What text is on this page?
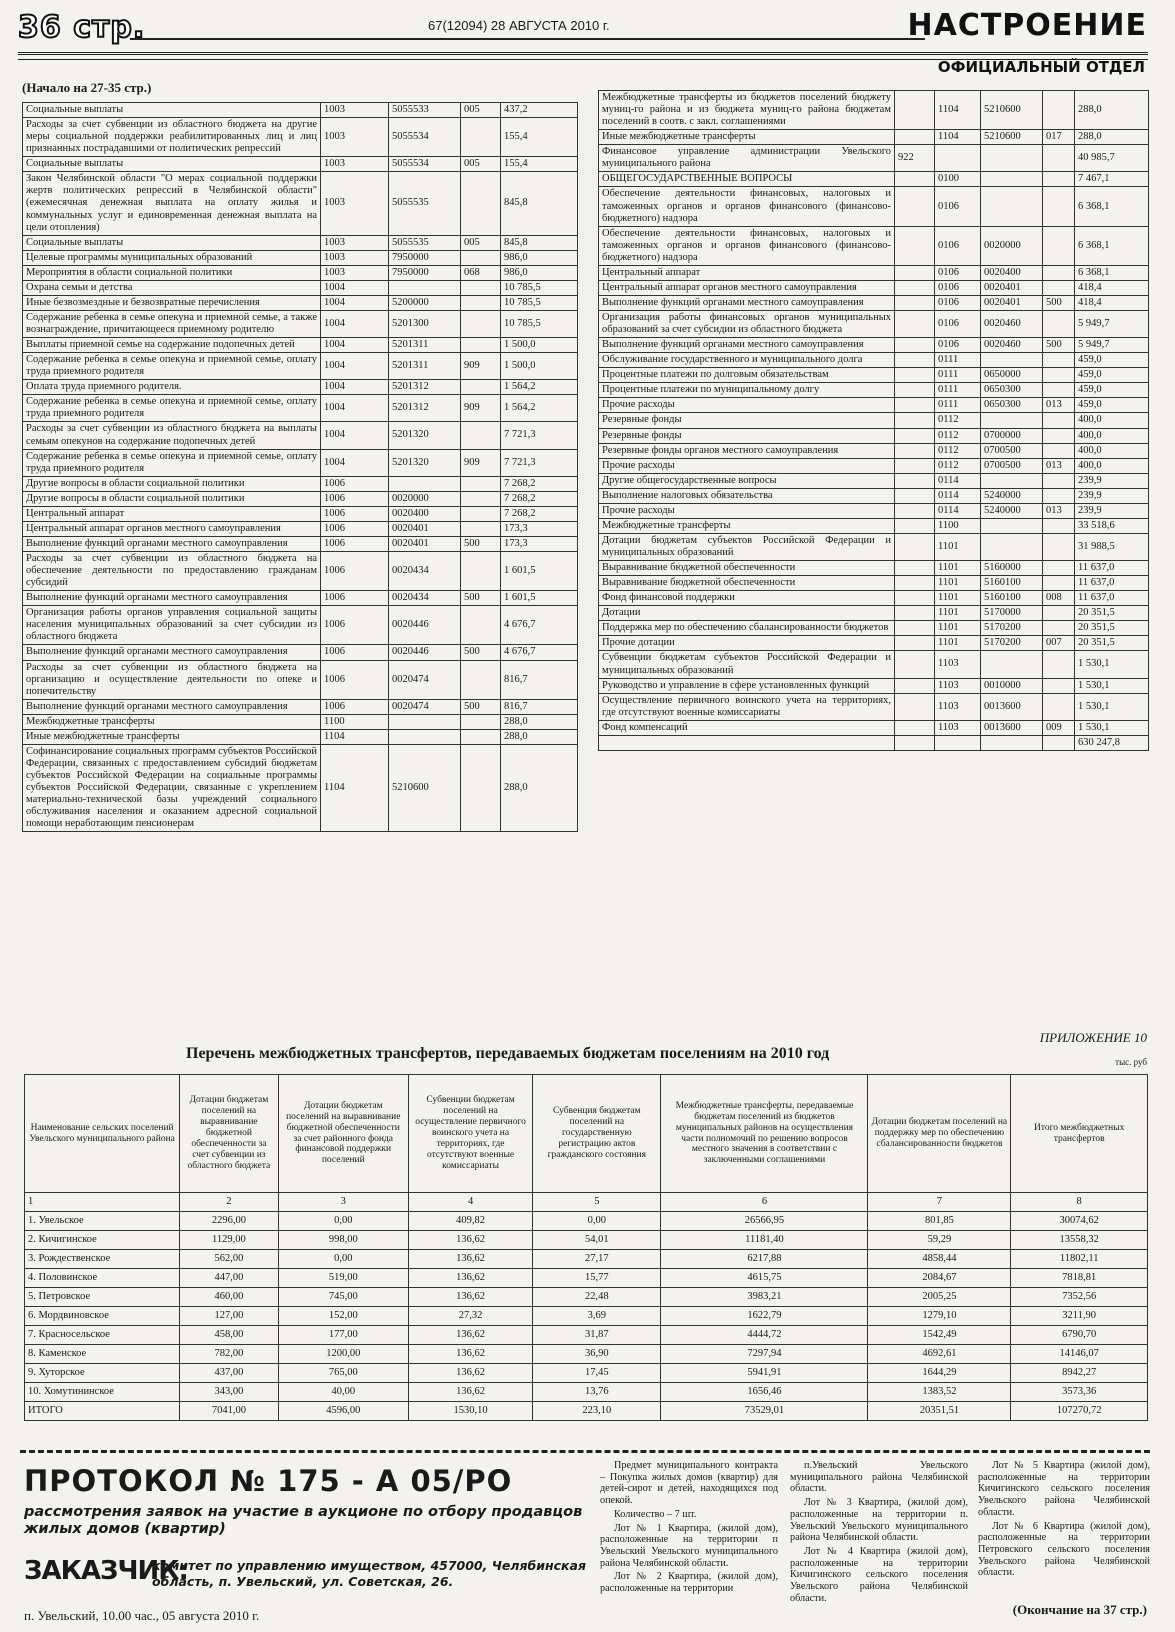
36 стр.	67(12094) 28 АВГУСТА 2010 г.	НАСТРОЕНИЕ
ОФИЦИАЛЬНЫЙ ОТДЕЛ
(Начало на 27-35 стр.)
Социальные выплаты	1003	5055533	005	437,2
Расходы за счет субвенции из областного бюджета на другие меры социальной поддержки реабилитированных лиц и лиц признанных пострадавшими от политических репрессий	1003	5055534		155,4
Социальные выплаты	1003	5055534	005	155,4
Закон Челябинской области "О мерах социальной поддержки жертв политических репрессий в Челябинской области" (ежемесячная денежная выплата на оплату жилья и коммунальных услуг и единовременная денежная выплата на цели отопления)	1003	5055535		845,8
Социальные выплаты	1003	5055535	005	845,8
Целевые программы муниципальных образований	1003	7950000		986,0
Мероприятия в области социальной политики	1003	7950000	068	986,0
Охрана семьи и детства	1004			10 785,5
Иные безвозмездные и безвозвратные перечисления	1004	5200000		10 785,5
Содержание ребенка в семье опекуна и приемной семье, а также вознаграждение, причитающееся приемному родителю	1004	5201300		10 785,5
Выплаты приемной семье на содержание подопечных детей	1004	5201311		1 500,0
Содержание ребенка в семье опекуна и приемной семье, оплату труда приемного родителя	1004	5201311	909	1 500,0
Оплата труда приемного родителя.	1004	5201312		1 564,2
Содержание ребенка в семье опекуна и приемной семье, оплату труда приемного родителя	1004	5201312	909	1 564,2
Расходы за счет субвенции из областного бюджета на выплаты семьям опекунов на содержание подопечных детей	1004	5201320		7 721,3
Содержание ребенка в семье опекуна и приемной семье, оплату труда приемного родителя	1004	5201320	909	7 721,3
Другие вопросы в области социальной политики	1006			7 268,2
Другие вопросы в области социальной политики	1006	0020000		7 268,2
Центральный аппарат	1006	0020400		7 268,2
Центральный аппарат органов местного самоуправления	1006	0020401		173,3
Выполнение функций органами местного самоуправления	1006	0020401	500	173,3
Расходы за счет субвенции из областного бюджета на обеспечение деятельности по предоставлению гражданам субсидий	1006	0020434		1 601,5
Выполнение функций органами местного самоуправления	1006	0020434	500	1 601,5
Организация работы органов управления социальной защиты населения муниципальных образований за счет субсидии из областного бюджета	1006	0020446		4 676,7
Выполнение функций органами местного самоуправления	1006	0020446	500	4 676,7
Расходы за счет субвенции из областного бюджета на организацию и осуществление деятельности по опеке и попечительству	1006	0020474		816,7
Выполнение функций органами местного самоуправления	1006	0020474	500	816,7
Межбюджетные трансферты	1100			288,0
Иные межбюджетные трансферты	1104			288,0
Софинансирование социальных программ субъектов Российской Федерации, связанных с предоставлением субсидий бюджетам субъектов Российской Федерации на социальные программы субъектов Российской Федерации, связанные с укреплением материально-технической базы учреждений социального обслуживания населения и оказанием адресной социальной помощи неработающим пенсионерам	1104	5210600		288,0
Межбюджетные трансферты из бюджетов поселений бюджету муниц-го района и из бюджета муниц-го района бюджетам поселений в соотв. с закл. соглашениями		1104	5210600		288,0
Иные межбюджетные трансферты		1104	5210600	017	288,0
Финансовое управление администрации Увельского муниципального района	922				40 985,7
ОБЩЕГОСУДАРСТВЕННЫЕ ВОПРОСЫ		0100			7 467,1
Обеспечение деятельности финансовых, налоговых и таможенных органов и органов финансового (финансово-бюджетного) надзора		0106			6 368,1
Обеспечение деятельности финансовых, налоговых и таможенных органов и органов финансового (финансово-бюджетного) надзора		0106	0020000		6 368,1
Центральный аппарат		0106	0020400		6 368,1
Центральный аппарат органов местного самоуправления		0106	0020401		418,4
Выполнение функций органами местного самоуправления		0106	0020401	500	418,4
Организация работы финансовых органов муниципальных образований за счет субсидии из областного бюджета		0106	0020460		5 949,7
Выполнение функций органами местного самоуправления		0106	0020460	500	5 949,7
Обслуживание государственного и муниципального долга		0111			459,0
Процентные платежи по долговым обязательствам		0111	0650000		459,0
Процентные платежи по муниципальному долгу		0111	0650300		459,0
Прочие расходы		0111	0650300	013	459,0
Резервные фонды		0112			400,0
Резервные фонды		0112	0700000		400,0
Резервные фонды органов местного самоуправления		0112	0700500		400,0
Прочие расходы		0112	0700500	013	400,0
Другие общегосударственные вопросы		0114			239,9
Выполнение налоговых обязательства		0114	5240000		239,9
Прочие расходы		0114	5240000	013	239,9
Межбюджетные трансферты		1100			33 518,6
Дотации бюджетам субъектов Российской Федерации и муниципальных образований		1101			31 988,5
Выравнивание бюджетной обеспеченности		1101	5160000		11 637,0
Выравнивание бюджетной обеспеченности		1101	5160100		11 637,0
Фонд финансовой поддержки		1101	5160100	008	11 637,0
Дотации		1101	5170000		20 351,5
Поддержка мер по обеспечению сбалансированности бюджетов		1101	5170200		20 351,5
Прочие дотации		1101	5170200	007	20 351,5
Субвенции бюджетам субъектов Российской Федерации и муниципальных образований		1103			1 530,1
Руководство и управление в сфере установленных функций		1103	0010000		1 530,1
Осуществление первичного воинского учета на территориях, где отсутствуют военные комиссариаты		1103	0013600		1 530,1
Фонд компенсаций		1103	0013600	009	1 530,1
					630 247,8
ПРИЛОЖЕНИЕ 10
Перечень межбюджетных трансфертов, передаваемых бюджетам поселениям на 2010 год	тыс. руб
Наименование сельских поселений Увельского муниципального района	Дотации бюджетам поселений на выравнивание бюджетной обеспеченности за счет субвенции из областного бюджета	Дотации бюджетам поселений на выравнивание бюджетной обеспеченности за счет районного фонда финансовой поддержки поселений	Субвенции бюджетам поселений на осуществление первичного воинского учета на территориях, где отсутствуют военные комиссариаты	Субвенция бюджетам поселений на государственную регистрацию актов гражданского состояния	Межбюджетные трансферты, передаваемые бюджетам поселений из бюджетов муниципальных районов на осуществления части полномочий по решению вопросов местного значения в соответствии с заключенными соглашениями	Дотации бюджетам поселений на поддержку мер по обеспечению сбалансированности бюджетов	Итого межбюджетных трансфертов
1	2	3	4	5	6	7	8
1. Увельское	2296,00	0,00	409,82	0,00	26566,95	801,85	30074,62
2. Кичигинское	1129,00	998,00	136,62	54,01	11181,40	59,29	13558,32
3. Рождественское	562,00	0,00	136,62	27,17	6217,88	4858,44	11802,11
4. Половинское	447,00	519,00	136,62	15,77	4615,75	2084,67	7818,81
5. Петровское	460,00	745,00	136,62	22,48	3983,21	2005,25	7352,56
6. Мордвиновское	127,00	152,00	27,32	3,69	1622,79	1279,10	3211,90
7. Красносельское	458,00	177,00	136,62	31,87	4444,72	1542,49	6790,70
8. Каменское	782,00	1200,00	136,62	36,90	7297,94	4692,61	14146,07
9. Хуторское	437,00	765,00	136,62	17,45	5941,91	1644,29	8942,27
10. Хомутининское	343,00	40,00	136,62	13,76	1656,46	1383,52	3573,36
ИТОГО	7041,00	4596,00	1530,10	223,10	73529,01	20351,51	107270,72
ПРОТОКОЛ № 175 - А 05/РО
рассмотрения заявок на участие в аукционе по отбору продавцов жилых домов (квартир)
ЗАКАЗЧИК:
комитет по управлению имуществом, 457000, Челябинская область, п. Увельский, ул. Советская, 26.
п. Увельский, 10.00 час., 05 августа 2010 г.

Предмет муниципального контракта – Покупка жилых домов (квартир) для детей-сирот и детей, находящихся под опекой.

Количество – 7 шт.

Лот № 1 Квартира, (жилой дом), расположенные на территории п Увельский Увельского муниципального района Челябинской области.

Лот № 2 Квартира, (жилой дом), расположенные на территории

п.Увельский Увельского муниципального района Челябинской области.

Лот № 3 Квартира, (жилой дом), расположенные на территории п. Увельский Увельского муниципального района Челябинской области.

Лот № 4 Квартира (жилой дом), расположенные на территории Кичигинского сельского поселения Увельского района Челябинской области.

Лот № 5 Квартира (жилой дом), расположенные на территории Кичигинского сельского поселения Увельского района Челябинской области.

Лот № 6 Квартира (жилой дом), расположенные на территории Петровского сельского поселения Увельского района Челябинской области.

(Окончание на 37 стр.)
